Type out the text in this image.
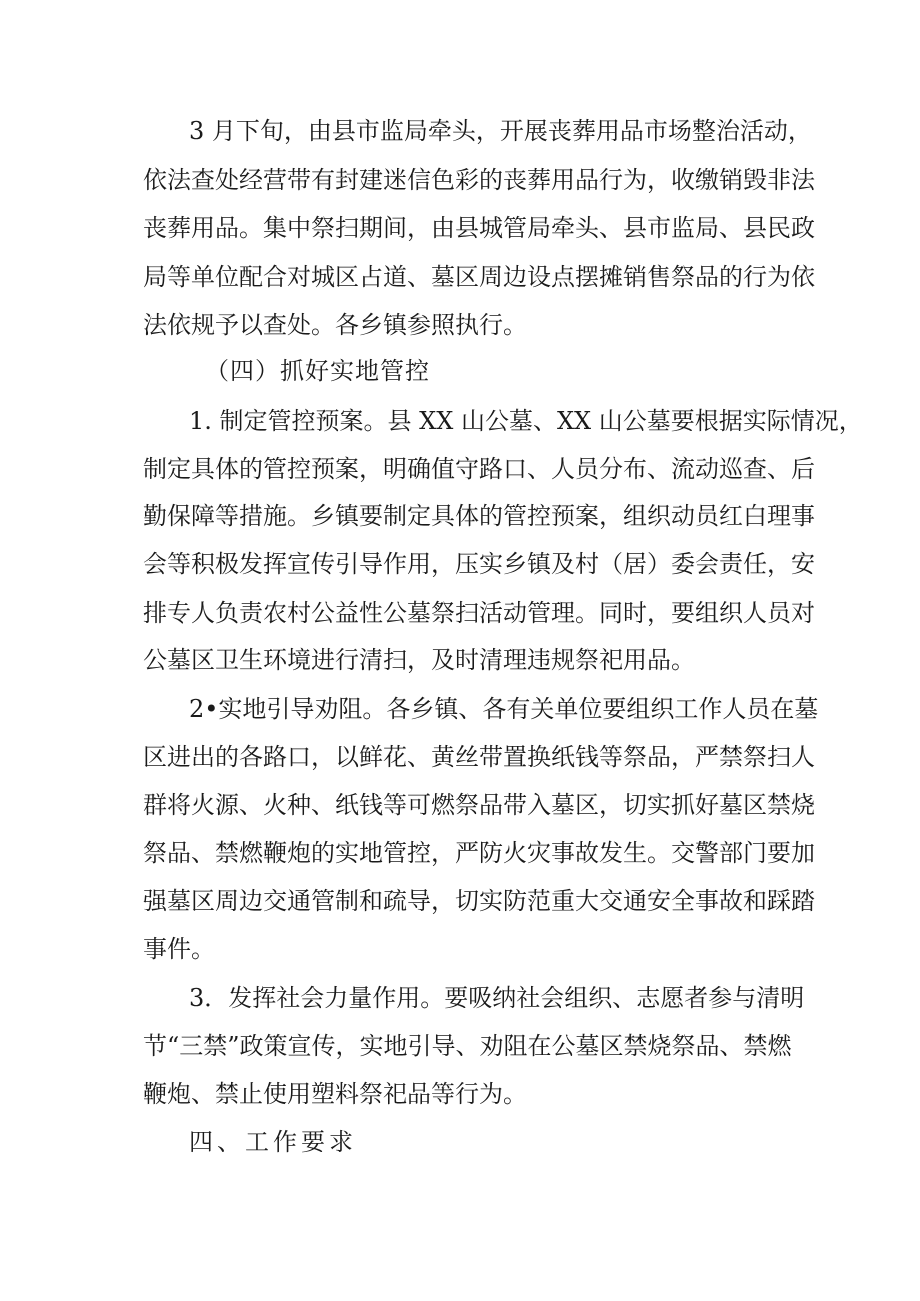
3 月下旬，由县市监局牵头，开展丧葬用品市场整治活动，
依法查处经营带有封建迷信色彩的丧葬用品行为，收缴销毁非法
丧葬用品。集中祭扫期间，由县城管局牵头、县市监局、县民政
局等单位配合对城区占道、墓区周边设点摆摊销售祭品的行为依
法依规予以查处。各乡镇参照执行。
（四）抓好实地管控
1. 制定管控预案。县 XX 山公墓、XX 山公墓要根据实际情况，
制定具体的管控预案，明确值守路口、人员分布、流动巡查、后
勤保障等措施。乡镇要制定具体的管控预案，组织动员红白理事
会等积极发挥宣传引导作用，压实乡镇及村（居）委会责任，安
排专人负责农村公益性公墓祭扫活动管理。同时，要组织人员对
公墓区卫生环境进行清扫，及时清理违规祭祀用品。
2•实地引导劝阻。各乡镇、各有关单位要组织工作人员在墓
区进出的各路口，以鲜花、黄丝带置换纸钱等祭品，严禁祭扫人
群将火源、火种、纸钱等可燃祭品带入墓区，切实抓好墓区禁烧
祭品、禁燃鞭炮的实地管控，严防火灾事故发生。交警部门要加
强墓区周边交通管制和疏导，切实防范重大交通安全事故和踩踏
事件。
3．发挥社会力量作用。要吸纳社会组织、志愿者参与清明
节“三禁”政策宣传，实地引导、劝阻在公墓区禁烧祭品、禁燃
鞭炮、禁止使用塑料祭祀品等行为。
四、工作要求
